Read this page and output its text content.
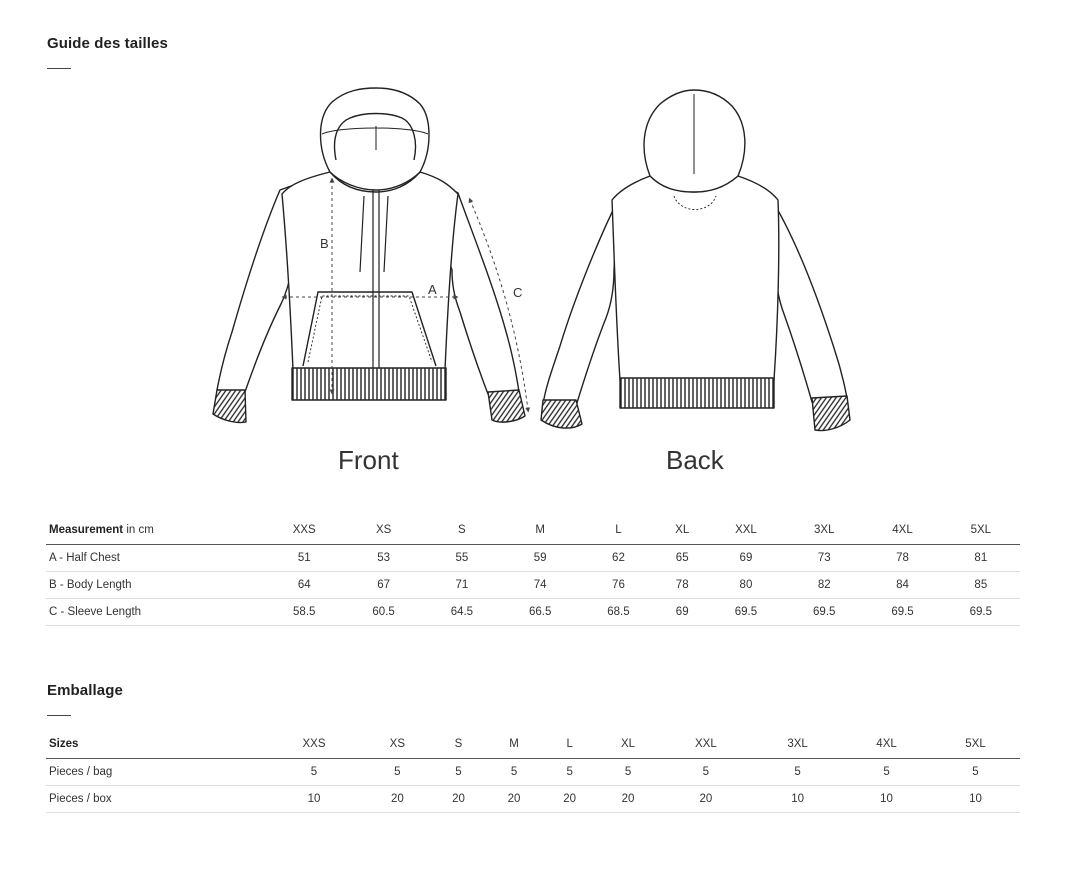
Guide des tailles
B
A	C
Front	Back
Measurement in cm	XXS	XS	S	M	L	XL	XXL	3XL	4XL	5XL
A - Half Chest	51	53	55	59	62	65	69	73	78	81
B - Body Length	64	67	71	74	76	78	80	82	84	85
C - Sleeve Length	58.5	60.5	64.5	66.5	68.5	69	69.5	69.5	69.5	69.5
Emballage
Sizes	XXS	XS	S	M	L	XL	XXL	3XL	4XL	5XL
Pieces / bag	5	5	5	5	5	5	5	5	5	5
Pieces / box	10	20	20	20	20	20	20	10	10	10
